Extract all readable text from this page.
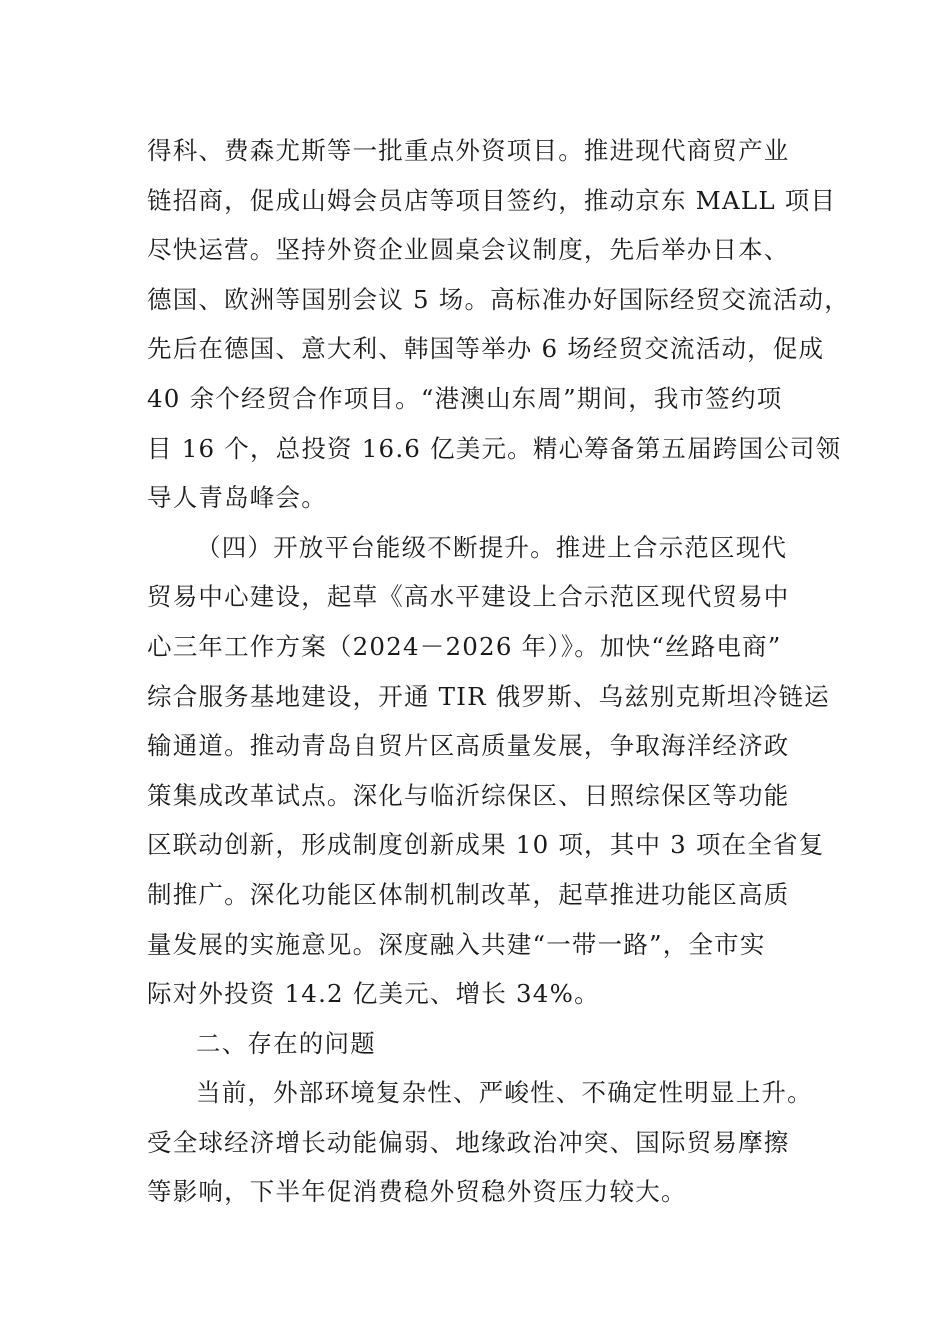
得科、费森尤斯等一批重点外资项目。推进现代商贸产业
链招商，促成山姆会员店等项目签约，推动京东 MALL 项目
尽快运营。坚持外资企业圆桌会议制度，先后举办日本、
德国、欧洲等国别会议 5 场。高标准办好国际经贸交流活动，
先后在德国、意大利、韩国等举办 6 场经贸交流活动，促成
40 余个经贸合作项目。“港澳山东周”期间，我市签约项
目 16 个，总投资 16.6 亿美元。精心筹备第五届跨国公司领
导人青岛峰会。
（四）开放平台能级不断提升。推进上合示范区现代
贸易中心建设，起草《高水平建设上合示范区现代贸易中
心三年工作方案（2024－2026 年）》。加快“丝路电商”
综合服务基地建设，开通 TIR 俄罗斯、乌兹别克斯坦冷链运
输通道。推动青岛自贸片区高质量发展，争取海洋经济政
策集成改革试点。深化与临沂综保区、日照综保区等功能
区联动创新，形成制度创新成果 10 项，其中 3 项在全省复
制推广。深化功能区体制机制改革，起草推进功能区高质
量发展的实施意见。深度融入共建“一带一路”，全市实
际对外投资 14.2 亿美元、增长 34%。
二、存在的问题
当前，外部环境复杂性、严峻性、不确定性明显上升。
受全球经济增长动能偏弱、地缘政治冲突、国际贸易摩擦
等影响，下半年促消费稳外贸稳外资压力较大。
